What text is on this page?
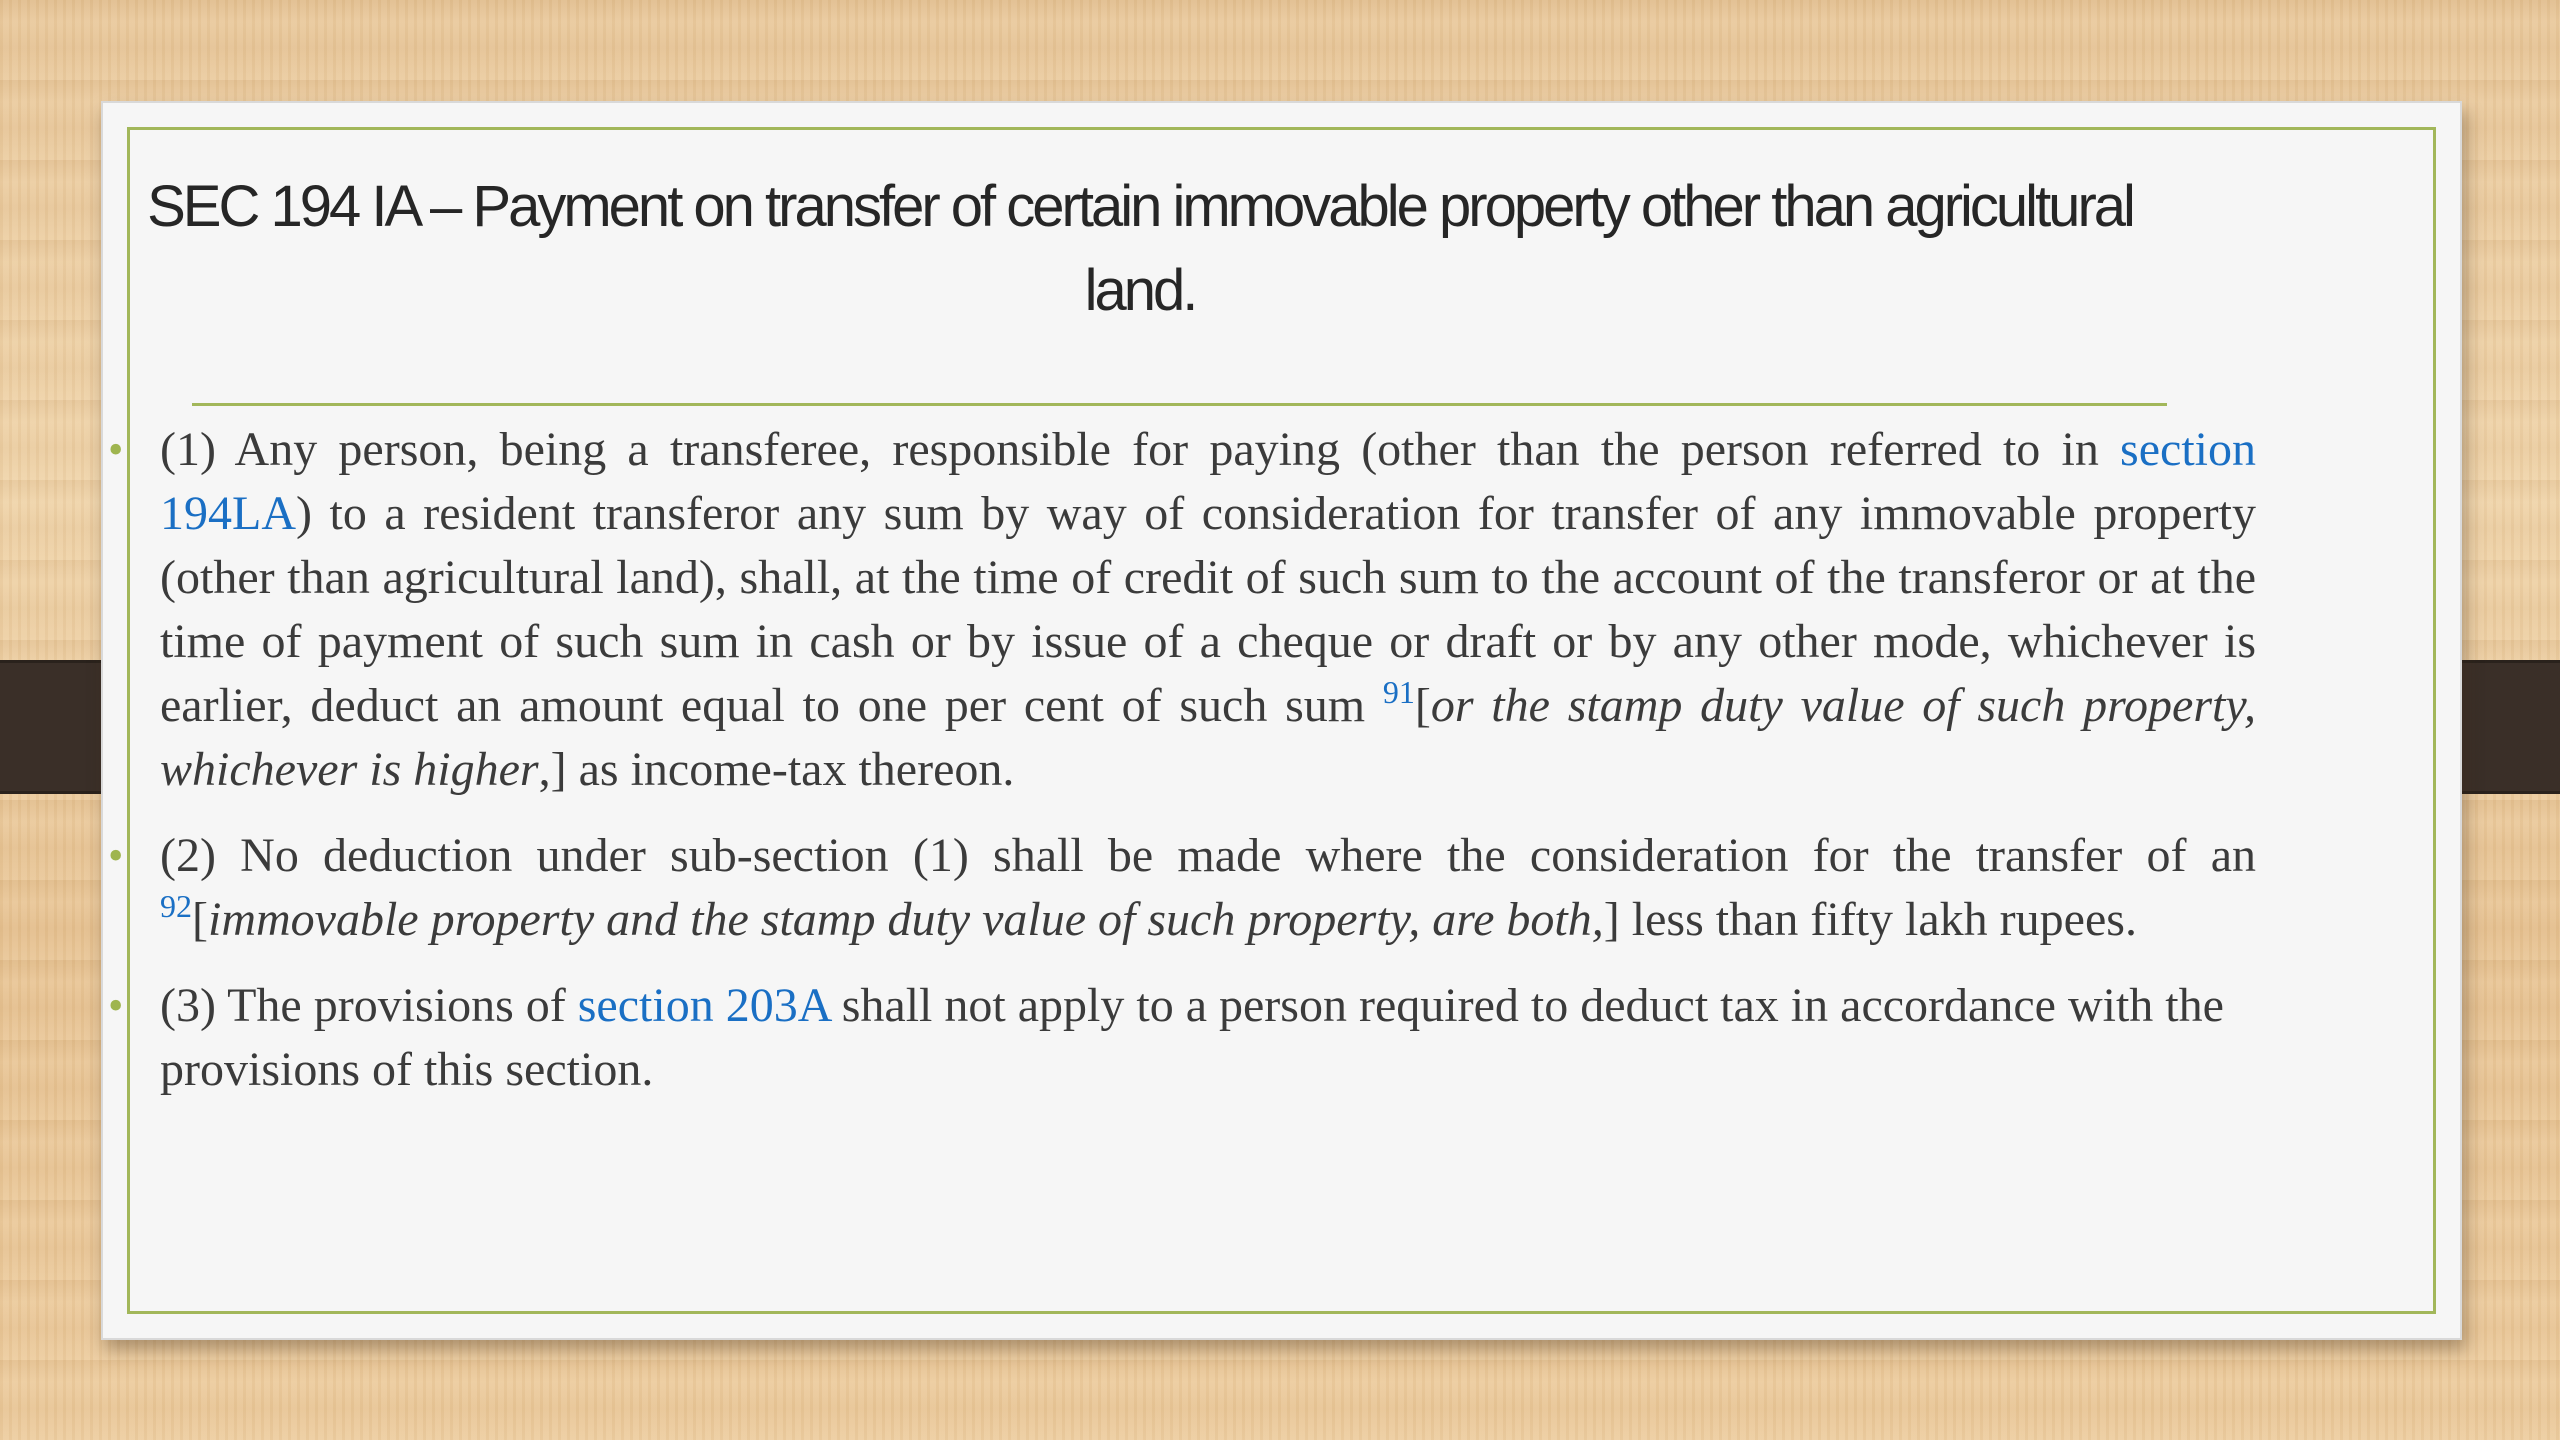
SEC 194 IA – Payment on transfer of certain immovable property other than agricultural land.
• (1) Any person, being a transferee, responsible for paying (other than the person referred to in section 194LA) to a resident transferor any sum by way of consideration for transfer of any immovable property (other than agricultural land), shall, at the time of credit of such sum to the account of the transferor or at the time of payment of such sum in cash or by issue of a cheque or draft or by any other mode, whichever is earlier, deduct an amount equal to one per cent of such sum $^{91}$[or the stamp duty value of such property, whichever is higher,] as income-tax thereon.
• (2) No deduction under sub-section (1) shall be made where the consideration for the transfer of an $^{92}$[immovable property and the stamp duty value of such property, are both,] less than fifty lakh rupees.
• (3) The provisions of section 203A shall not apply to a person required to deduct tax in accordance with the provisions of this section.
